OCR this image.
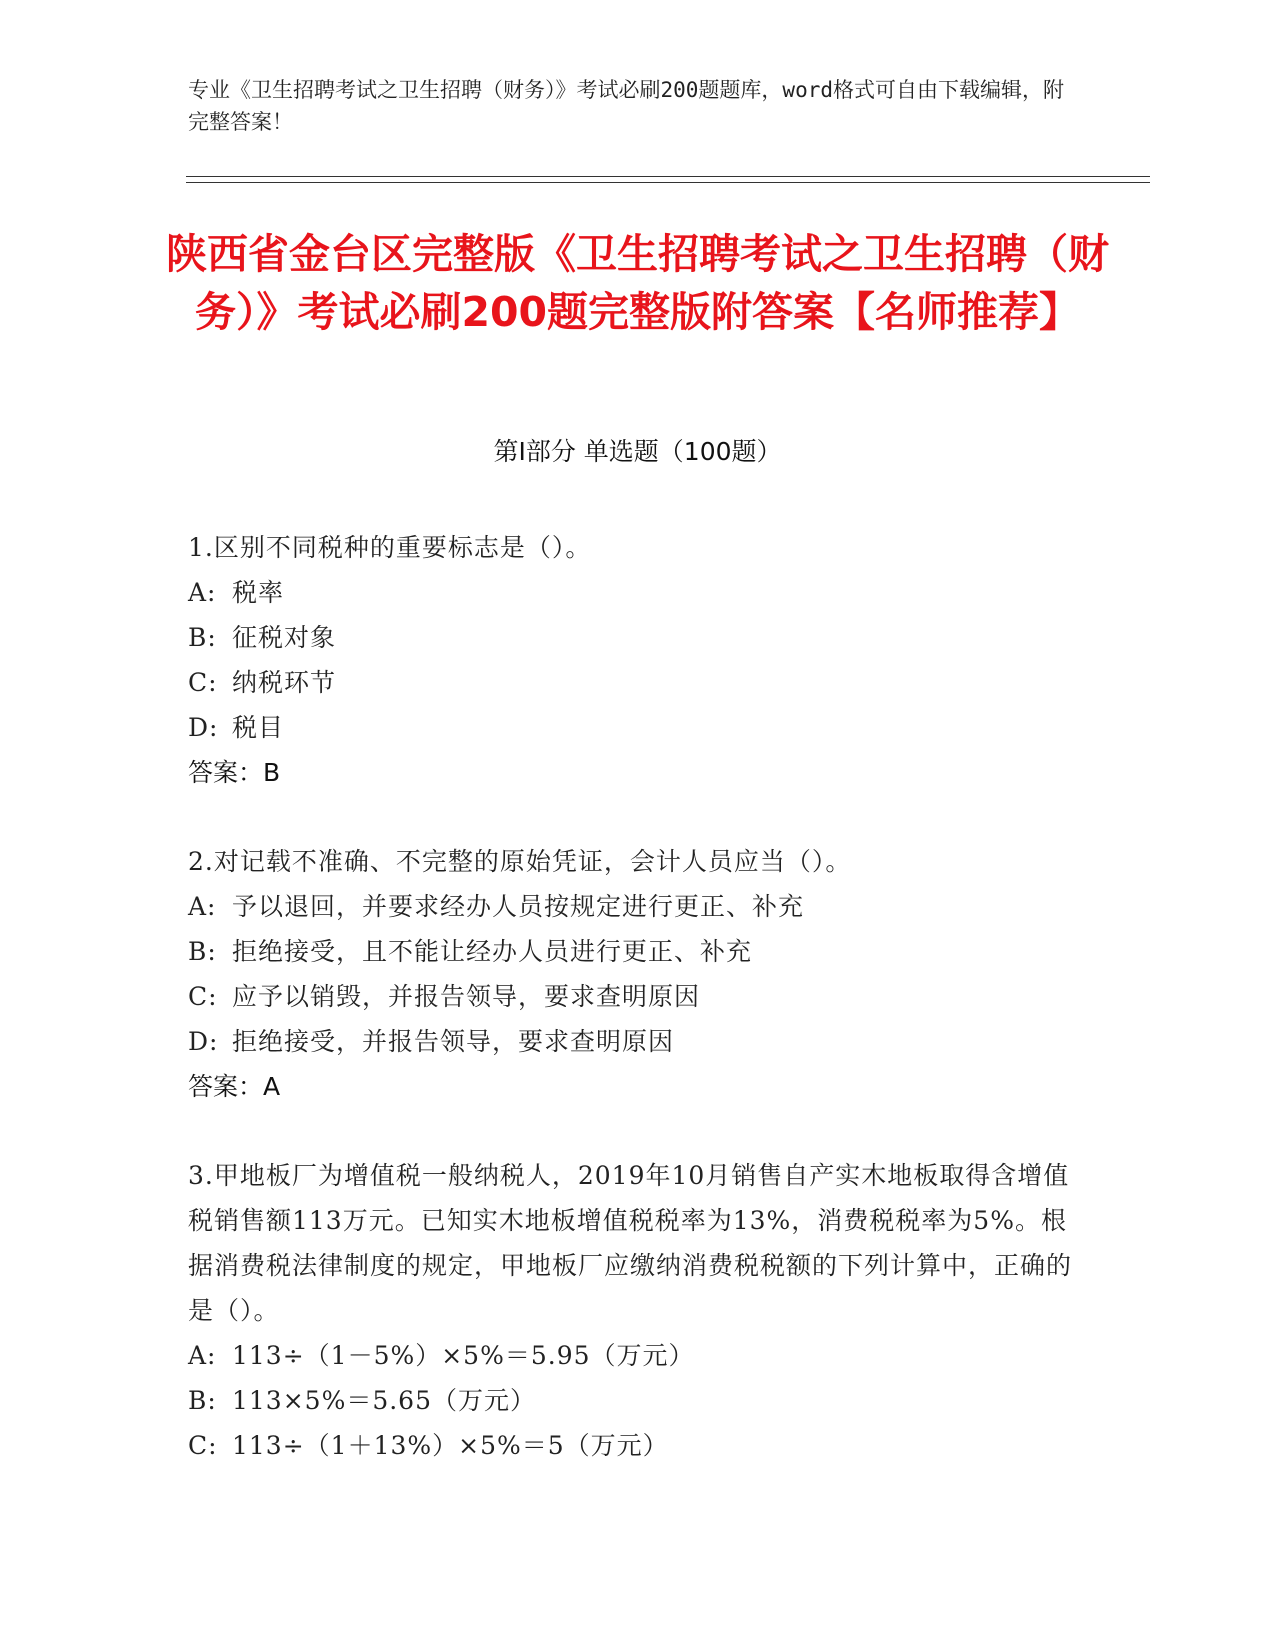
专业《卫生招聘考试之卫生招聘（财务）》考试必刷200题题库，word格式可自由下载编辑，附完整答案！
陕西省金台区完整版《卫生招聘考试之卫生招聘（财务）》考试必刷200题完整版附答案【名师推荐】
第Ⅰ部分 单选题（100题）
1.区别不同税种的重要标志是（）。
A: 税率
B: 征税对象
C: 纳税环节
D: 税目
答案：B
2.对记载不准确、不完整的原始凭证，会计人员应当（）。
A: 予以退回，并要求经办人员按规定进行更正、补充
B: 拒绝接受，且不能让经办人员进行更正、补充
C: 应予以销毁，并报告领导，要求查明原因
D: 拒绝接受，并报告领导，要求查明原因
答案：A
3.甲地板厂为增值税一般纳税人，2019年10月销售自产实木地板取得含增值税销售额113万元。已知实木地板增值税税率为13%，消费税税率为5%。根据消费税法律制度的规定，甲地板厂应缴纳消费税税额的下列计算中，正确的是（）。
A: 113÷（1－5%）×5%＝5.95（万元）
B: 113×5%＝5.65（万元）
C: 113÷（1＋13%）×5%＝5（万元）
